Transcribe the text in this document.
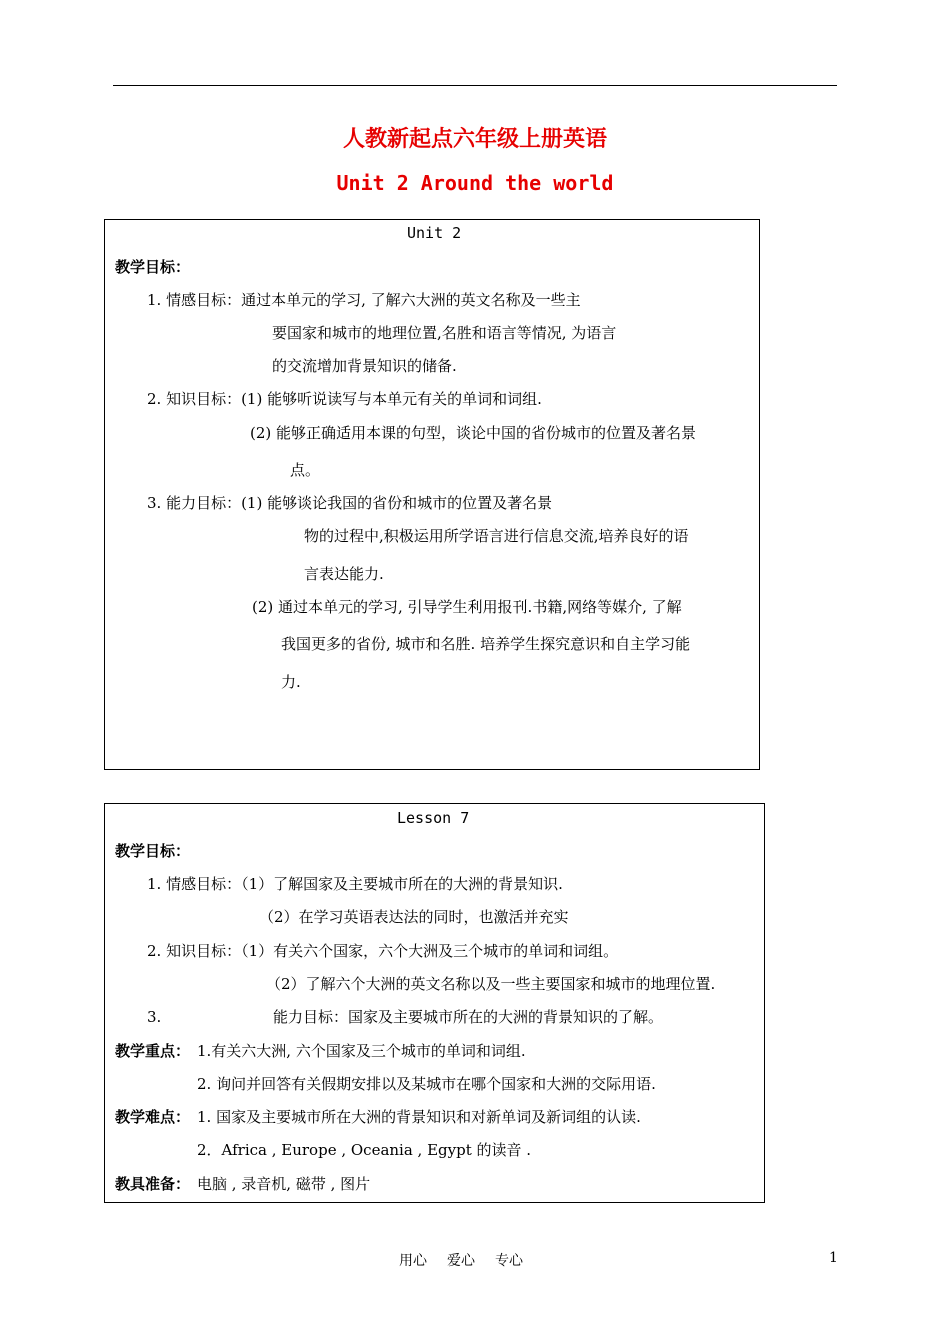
人教新起点六年级上册英语
Unit 2 Around the world
Unit 2
教学目标：
1. 情感目标：通过本单元的学习, 了解六大洲的英文名称及一些主
要国家和城市的地理位置,名胜和语言等情况, 为语言
的交流增加背景知识的储备.
2. 知识目标：(1) 能够听说读写与本单元有关的单词和词组.
(2) 能够正确适用本课的句型，谈论中国的省份城市的位置及著名景
点。
3. 能力目标：(1) 能够谈论我国的省份和城市的位置及著名景
物的过程中,积极运用所学语言进行信息交流,培养良好的语
言表达能力.
(2) 通过本单元的学习, 引导学生利用报刊.书籍,网络等媒介, 了解
我国更多的省份, 城市和名胜. 培养学生探究意识和自主学习能
力.
Lesson 7
教学目标：
1. 情感目标：（1）了解国家及主要城市所在的大洲的背景知识.
（2）在学习英语表达法的同时，也激活并充实
2. 知识目标：（1）有关六个国家，六个大洲及三个城市的单词和词组。
（2）了解六个大洲的英文名称以及一些主要国家和城市的地理位置.
3.	能力目标：国家及主要城市所在的大洲的背景知识的了解。
教学重点： 1.有关六大洲, 六个国家及三个城市的单词和词组.
2. 询问并回答有关假期安排以及某城市在哪个国家和大洲的交际用语.
教学难点： 1. 国家及主要城市所在大洲的背景知识和对新单词及新词组的认读.
2．Africa , Europe , Oceania , Egypt 的读音 .
教具准备： 电脑 , 录音机, 磁带 , 图片
用心 爱心 专心	1
